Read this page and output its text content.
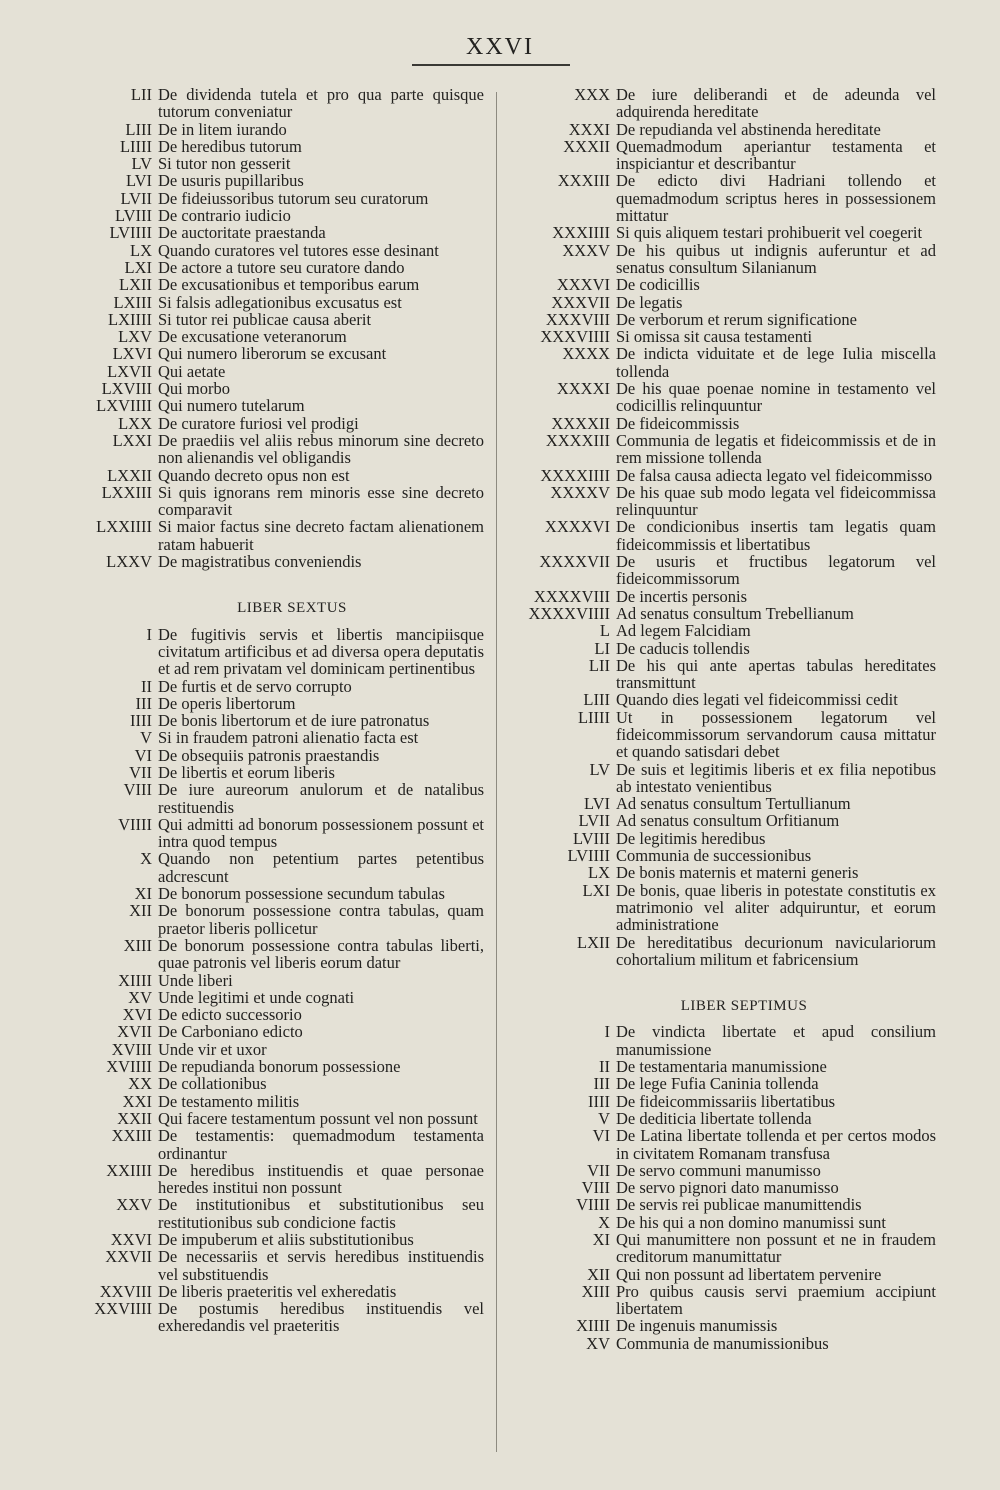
XXVI
LII De dividenda tutela et pro qua parte quisque tutorum conveniatur
LIII De in litem iurando
LIIII De heredibus tutorum
LV Si tutor non gesserit
LVI De usuris pupillaribus
LVII De fideiussoribus tutorum seu curatorum
LVIII De contrario iudicio
LVIIII De auctoritate praestanda
LX Quando curatores vel tutores esse desinant
LXI De actore a tutore seu curatore dando
LXII De excusationibus et temporibus earum
LXIII Si falsis adlegationibus excusatus est
LXIIII Si tutor rei publicae causa aberit
LXV De excusatione veteranorum
LXVI Qui numero liberorum se excusant
LXVII Qui aetate
LXVIII Qui morbo
LXVIIII Qui numero tutelarum
LXX De curatore furiosi vel prodigi
LXXI De praediis vel aliis rebus minorum sine decreto non alienandis vel obligandis
LXXII Quando decreto opus non est
LXXIII Si quis ignorans rem minoris esse sine decreto comparavit
LXXIIII Si maior factus sine decreto factam alienationem ratam habuerit
LXXV De magistratibus conveniendis
LIBER SEXTUS
I De fugitivis servis et libertis mancipiisque civitatum artificibus et ad diversa opera deputatis et ad rem privatam vel dominicam pertinentibus
II De furtis et de servo corrupto
III De operis libertorum
IIII De bonis libertorum et de iure patronatus
V Si in fraudem patroni alienatio facta est
VI De obsequiis patronis praestandis
VII De libertis et eorum liberis
VIII De iure aureorum anulorum et de natalibus restituendis
VIIII Qui admitti ad bonorum possessionem possunt et intra quod tempus
X Quando non petentium partes petentibus adcrescunt
XI De bonorum possessione secundum tabulas
XII De bonorum possessione contra tabulas, quam praetor liberis pollicetur
XIII De bonorum possessione contra tabulas liberti, quae patronis vel liberis eorum datur
XIIII Unde liberi
XV Unde legitimi et unde cognati
XVI De edicto successorio
XVII De Carboniano edicto
XVIII Unde vir et uxor
XVIIII De repudianda bonorum possessione
XX De collationibus
XXI De testamento militis
XXII Qui facere testamentum possunt vel non possunt
XXIII De testamentis: quemadmodum testamenta ordinantur
XXIIII De heredibus instituendis et quae personae heredes institui non possunt
XXV De institutionibus et substitutionibus seu restitutionibus sub condicione factis
XXVI De impuberum et aliis substitutionibus
XXVII De necessariis et servis heredibus instituendis vel substituendis
XXVIII De liberis praeteritis vel exheredatis
XXVIIII De postumis heredibus instituendis vel exheredandis vel praeteritis
XXX De iure deliberandi et de adeunda vel adquirenda hereditate
XXXI De repudianda vel abstinenda hereditate
XXXII Quemadmodum aperiantur testamenta et inspiciantur et describantur
XXXIII De edicto divi Hadriani tollendo et quemadmodum scriptus heres in possessionem mittatur
XXXIIII Si quis aliquem testari prohibuerit vel coegerit
XXXV De his quibus ut indignis auferuntur et ad senatus consultum Silanianum
XXXVI De codicillis
XXXVII De legatis
XXXVIII De verborum et rerum significatione
XXXVIIII Si omissa sit causa testamenti
XXXX De indicta viduitate et de lege Iulia miscella tollenda
XXXXI De his quae poenae nomine in testamento vel codicillis relinquuntur
XXXXII De fideicommissis
XXXXIII Communia de legatis et fideicommissis et de in rem missione tollenda
XXXXIIII De falsa causa adiecta legato vel fideicommisso
XXXXV De his quae sub modo legata vel fideicommissa relinquuntur
XXXXVI De condicionibus insertis tam legatis quam fideicommissis et libertatibus
XXXXVII De usuris et fructibus legatorum vel fideicommissorum
XXXXVIII De incertis personis
XXXXVIIII Ad senatus consultum Trebellianum
L Ad legem Falcidiam
LI De caducis tollendis
LII De his qui ante apertas tabulas hereditates transmittunt
LIII Quando dies legati vel fideicommissi cedit
LIIII Ut in possessionem legatorum vel fideicommissorum servandorum causa mittatur et quando satisdari debet
LV De suis et legitimis liberis et ex filia nepotibus ab intestato venientibus
LVI Ad senatus consultum Tertullianum
LVII Ad senatus consultum Orfitianum
LVIII De legitimis heredibus
LVIIII Communia de successionibus
LX De bonis maternis et materni generis
LXI De bonis, quae liberis in potestate constitutis ex matrimonio vel aliter adquiruntur, et eorum administratione
LXII De hereditatibus decurionum naviculariorum cohortalium militum et fabricensium
LIBER SEPTIMUS
I De vindicta libertate et apud consilium manumissione
II De testamentaria manumissione
III De lege Fufia Caninia tollenda
IIII De fideicommissariis libertatibus
V De dediticia libertate tollenda
VI De Latina libertate tollenda et per certos modos in civitatem Romanam transfusa
VII De servo communi manumisso
VIII De servo pignori dato manumisso
VIIII De servis rei publicae manumittendis
X De his qui a non domino manumissi sunt
XI Qui manumittere non possunt et ne in fraudem creditorum manumittatur
XII Qui non possunt ad libertatem pervenire
XIII Pro quibus causis servi praemium accipiunt libertatem
XIIII De ingenuis manumissis
XV Communia de manumissionibus
